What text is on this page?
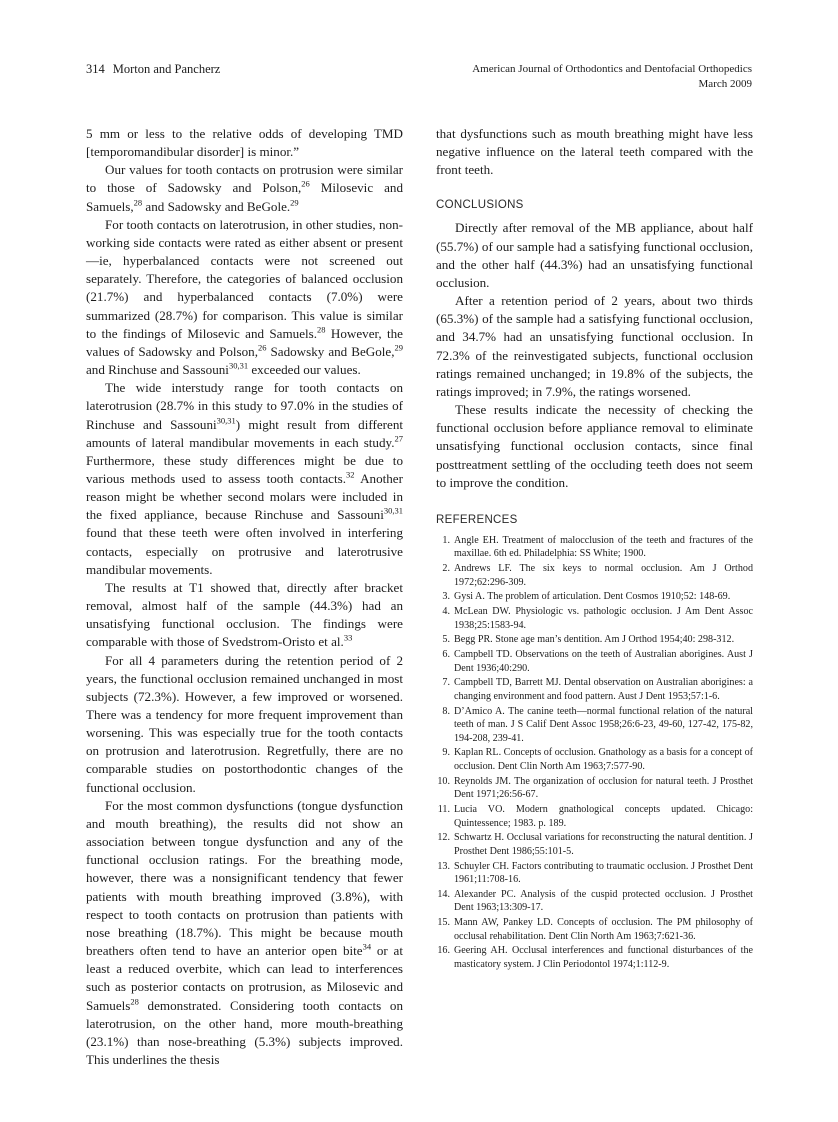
314 Morton and Pancherz	American Journal of Orthodontics and Dentofacial Orthopedics
March 2009

5 mm or less to the relative odds of developing TMD [temporomandibular disorder] is minor.”

Our values for tooth contacts on protrusion were similar to those of Sadowsky and Polson,$^{26}$ Milosevic and Samuels,$^{28}$ and Sadowsky and BeGole.$^{29}$

For tooth contacts on laterotrusion, in other studies, non-working side contacts were rated as either absent or present—ie, hyperbalanced contacts were not screened out separately. Therefore, the categories of balanced occlusion (21.7%) and hyperbalanced contacts (7.0%) were summarized (28.7%) for comparison. This value is similar to the findings of Milosevic and Samuels.$^{28}$ However, the values of Sadowsky and Polson,$^{26}$ Sadowsky and BeGole,$^{29}$ and Rinchuse and Sassouni$^{30,31}$ exceeded our values.

The wide interstudy range for tooth contacts on laterotrusion (28.7% in this study to 97.0% in the studies of Rinchuse and Sassouni$^{30,31}$) might result from different amounts of lateral mandibular movements in each study.$^{27}$ Furthermore, these study differences might be due to various methods used to assess tooth contacts.$^{32}$ Another reason might be whether second molars were included in the fixed appliance, because Rinchuse and Sassouni$^{30,31}$ found that these teeth were often involved in interfering contacts, especially on protrusive and laterotrusive mandibular movements.

The results at T1 showed that, directly after bracket removal, almost half of the sample (44.3%) had an unsatisfying functional occlusion. The findings were comparable with those of Svedstrom-Oristo et al.$^{33}$

For all 4 parameters during the retention period of 2 years, the functional occlusion remained unchanged in most subjects (72.3%). However, a few improved or worsened. There was a tendency for more frequent improvement than worsening. This was especially true for the tooth contacts on protrusion and laterotrusion. Regretfully, there are no comparable studies on postorthodontic changes of the functional occlusion.

For the most common dysfunctions (tongue dysfunction and mouth breathing), the results did not show an association between tongue dysfunction and any of the functional occlusion ratings. For the breathing mode, however, there was a nonsignificant tendency that fewer patients with mouth breathing improved (3.8%), with respect to tooth contacts on protrusion than patients with nose breathing (18.7%). This might be because mouth breathers often tend to have an anterior open bite$^{34}$ or at least a reduced overbite, which can lead to interferences such as posterior contacts on protrusion, as Milosevic and Samuels$^{28}$ demonstrated. Considering tooth contacts on laterotrusion, on the other hand, more mouth-breathing (23.1%) than nose-breathing (5.3%) subjects improved. This underlines the thesis

that dysfunctions such as mouth breathing might have less negative influence on the lateral teeth compared with the front teeth.

CONCLUSIONS

Directly after removal of the MB appliance, about half (55.7%) of our sample had a satisfying functional occlusion, and the other half (44.3%) had an unsatisfying functional occlusion.

After a retention period of 2 years, about two thirds (65.3%) of the sample had a satisfying functional occlusion, and 34.7% had an unsatisfying functional occlusion. In 72.3% of the reinvestigated subjects, functional occlusion ratings remained unchanged; in 19.8% of the subjects, the ratings improved; in 7.9%, the ratings worsened.

These results indicate the necessity of checking the functional occlusion before appliance removal to eliminate unsatisfying functional occlusion contacts, since final posttreatment settling of the occluding teeth does not seem to improve the condition.

REFERENCES
1. Angle EH. Treatment of malocclusion of the teeth and fractures of the maxillae. 6th ed. Philadelphia: SS White; 1900.
2. Andrews LF. The six keys to normal occlusion. Am J Orthod 1972;62:296-309.
3. Gysi A. The problem of articulation. Dent Cosmos 1910;52: 148-69.
4. McLean DW. Physiologic vs. pathologic occlusion. J Am Dent Assoc 1938;25:1583-94.
5. Begg PR. Stone age man’s dentition. Am J Orthod 1954;40: 298-312.
6. Campbell TD. Observations on the teeth of Australian aborigines. Aust J Dent 1936;40:290.
7. Campbell TD, Barrett MJ. Dental observation on Australian aborigines: a changing environment and food pattern. Aust J Dent 1953;57:1-6.
8. D’Amico A. The canine teeth—normal functional relation of the natural teeth of man. J S Calif Dent Assoc 1958;26:6-23, 49-60, 127-42, 175-82, 194-208, 239-41.
9. Kaplan RL. Concepts of occlusion. Gnathology as a basis for a concept of occlusion. Dent Clin North Am 1963;7:577-90.
10. Reynolds JM. The organization of occlusion for natural teeth. J Prosthet Dent 1971;26:56-67.
11. Lucia VO. Modern gnathological concepts updated. Chicago: Quintessence; 1983. p. 189.
12. Schwartz H. Occlusal variations for reconstructing the natural dentition. J Prosthet Dent 1986;55:101-5.
13. Schuyler CH. Factors contributing to traumatic occlusion. J Prosthet Dent 1961;11:708-16.
14. Alexander PC. Analysis of the cuspid protected occlusion. J Prosthet Dent 1963;13:309-17.
15. Mann AW, Pankey LD. Concepts of occlusion. The PM philosophy of occlusal rehabilitation. Dent Clin North Am 1963;7:621-36.
16. Geering AH. Occlusal interferences and functional disturbances of the masticatory system. J Clin Periodontol 1974;1:112-9.
